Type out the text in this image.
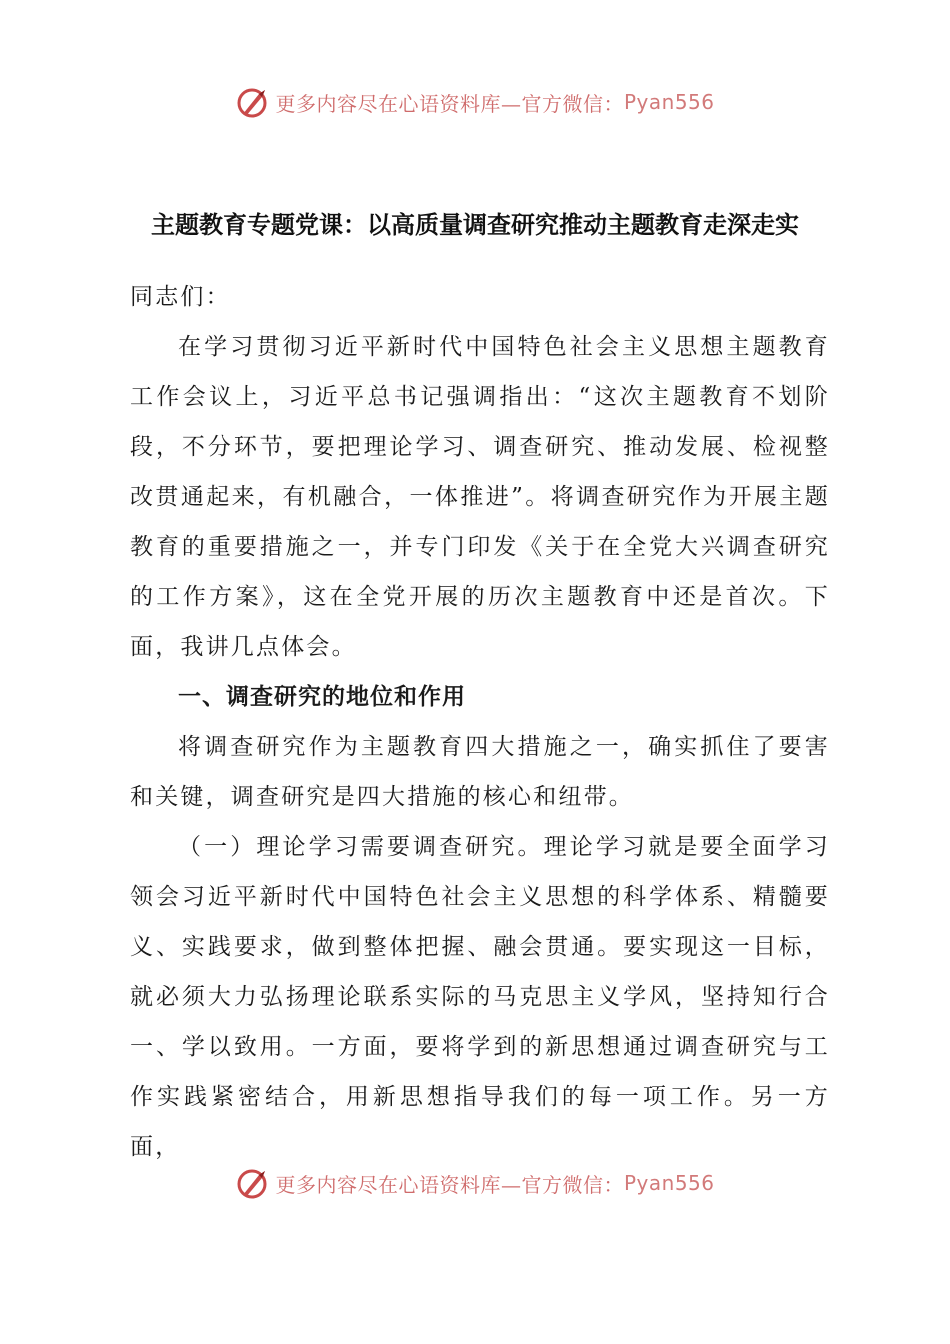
更多内容尽在心语资料库—官方微信： Pyan556
主题教育专题党课：以高质量调查研究推动主题教育走深走实

同志们：

在学习贯彻习近平新时代中国特色社会主义思想主题教育工作会议上，习近平总书记强调指出：“这次主题教育不划阶段，不分环节，要把理论学习、调查研究、推动发展、检视整改贯通起来，有机融合，一体推进”。将调查研究作为开展主题教育的重要措施之一，并专门印发《关于在全党大兴调查研究的工作方案》，这在全党开展的历次主题教育中还是首次。下面，我讲几点体会。

一、调查研究的地位和作用

将调查研究作为主题教育四大措施之一，确实抓住了要害和关键，调查研究是四大措施的核心和纽带。

（一）理论学习需要调查研究。理论学习就是要全面学习领会习近平新时代中国特色社会主义思想的科学体系、精髓要义、实践要求，做到整体把握、融会贯通。要实现这一目标，就必须大力弘扬理论联系实际的马克思主义学风，坚持知行合一、学以致用。一方面，要将学到的新思想通过调查研究与工作实践紧密结合，用新思想指导我们的每一项工作。另一方面，

更多内容尽在心语资料库—官方微信： Pyan556
